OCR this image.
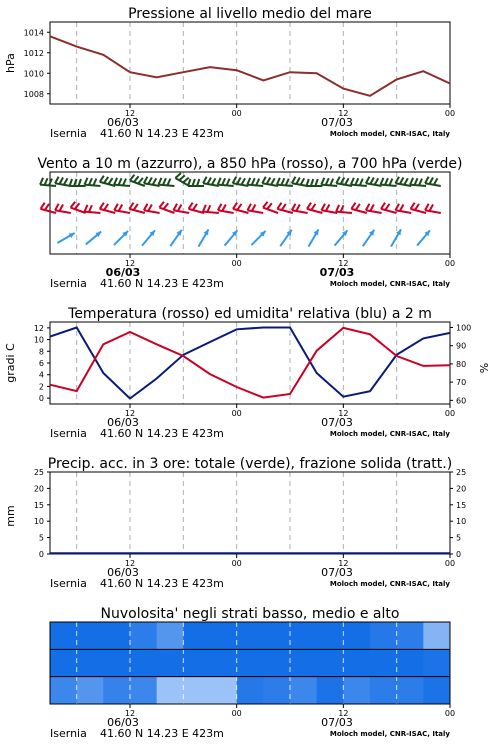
Pressione al livello medio del mare
1014
1012
1010
1008
hPa
12	00	12	00
06/03	07/03
Isernia 41.60 N 14.23 E 423m	Moloch model, CNR-ISAC, Italy
Vento a 10 m (azzurro), a 850 hPa (rosso), a 700 hPa (verde)
12	00	12	00
06/03	07/03
Isernia 41.60 N 14.23 E 423m	Moloch model, CNR-ISAC, Italy
Temperatura (rosso) ed umidita' relativa (blu) a 2 m
12
10
8
6
4
2
0
100
90
80
70
60
gradi C	%
12	00	12	00
06/03	07/03
Isernia 41.60 N 14.23 E 423m	Moloch model, CNR-ISAC, Italy
Precip. acc. in 3 ore: totale (verde), frazione solida (tratt.)
25
20
15
10
5
0
25
20
15
10
5
0
mm
12	00	12	00
06/03	07/03
Isernia 41.60 N 14.23 E 423m	Moloch model, CNR-ISAC, Italy
Nuvolosita' negli strati basso, medio e alto
12	00	12	00
06/03	07/03
Isernia 41.60 N 14.23 E 423m	Moloch model, CNR-ISAC, Italy
